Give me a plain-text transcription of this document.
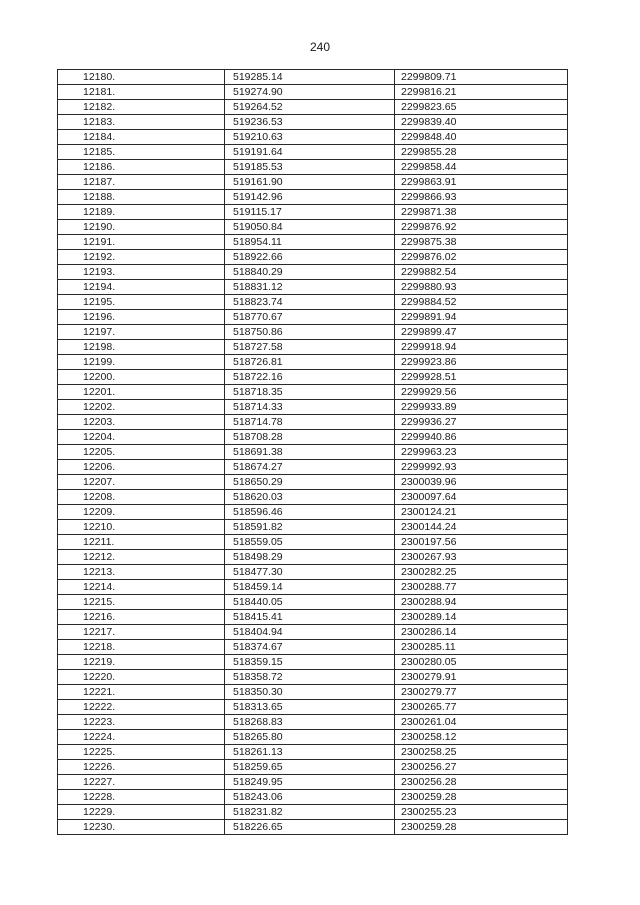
240
12180.	519285.14	2299809.71
12181.	519274.90	2299816.21
12182.	519264.52	2299823.65
12183.	519236.53	2299839.40
12184.	519210.63	2299848.40
12185.	519191.64	2299855.28
12186.	519185.53	2299858.44
12187.	519161.90	2299863.91
12188.	519142.96	2299866.93
12189.	519115.17	2299871.38
12190.	519050.84	2299876.92
12191.	518954.11	2299875.38
12192.	518922.66	2299876.02
12193.	518840.29	2299882.54
12194.	518831.12	2299880.93
12195.	518823.74	2299884.52
12196.	518770.67	2299891.94
12197.	518750.86	2299899.47
12198.	518727.58	2299918.94
12199.	518726.81	2299923.86
12200.	518722.16	2299928.51
12201.	518718.35	2299929.56
12202.	518714.33	2299933.89
12203.	518714.78	2299936.27
12204.	518708.28	2299940.86
12205.	518691.38	2299963.23
12206.	518674.27	2299992.93
12207.	518650.29	2300039.96
12208.	518620.03	2300097.64
12209.	518596.46	2300124.21
12210.	518591.82	2300144.24
12211.	518559.05	2300197.56
12212.	518498.29	2300267.93
12213.	518477.30	2300282.25
12214.	518459.14	2300288.77
12215.	518440.05	2300288.94
12216.	518415.41	2300289.14
12217.	518404.94	2300286.14
12218.	518374.67	2300285.11
12219.	518359.15	2300280.05
12220.	518358.72	2300279.91
12221.	518350.30	2300279.77
12222.	518313.65	2300265.77
12223.	518268.83	2300261.04
12224.	518265.80	2300258.12
12225.	518261.13	2300258.25
12226.	518259.65	2300256.27
12227.	518249.95	2300256.28
12228.	518243.06	2300259.28
12229.	518231.82	2300255.23
12230.	518226.65	2300259.28
